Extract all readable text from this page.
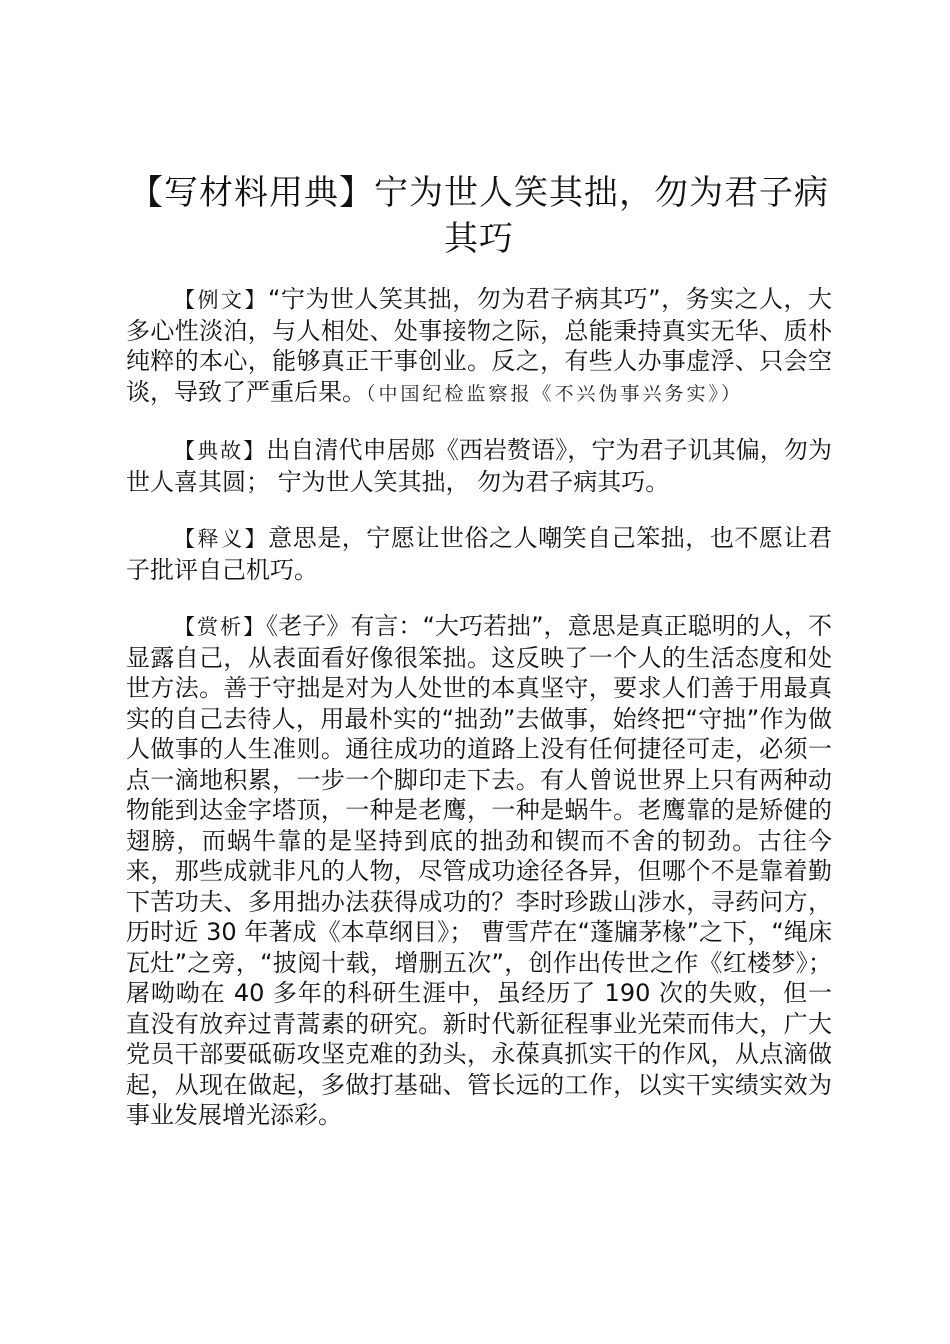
【写材料用典】宁为世人笑其拙，勿为君子病其巧

【例文】“宁为世人笑其拙，勿为君子病其巧”，务实之人，大多心性淡泊，与人相处、处事接物之际，总能秉持真实无华、质朴纯粹的本心，能够真正干事创业。反之，有些人办事虚浮、只会空谈，导致了严重后果。（中国纪检监察报《不兴伪事兴务实》）

【典故】出自清代申居郧《西岩赘语》，宁为君子讥其偏，勿为世人喜其圆； 宁为世人笑其拙， 勿为君子病其巧。

【释义】意思是，宁愿让世俗之人嘲笑自己笨拙，也不愿让君子批评自己机巧。

【赏析】《老子》有言：“大巧若拙”，意思是真正聪明的人，不显露自己，从表面看好像很笨拙。这反映了一个人的生活态度和处世方法。善于守拙是对为人处世的本真坚守，要求人们善于用最真实的自己去待人，用最朴实的“拙劲”去做事，始终把“守拙”作为做人做事的人生准则。通往成功的道路上没有任何捷径可走，必须一点一滴地积累，一步一个脚印走下去。有人曾说世界上只有两种动物能到达金字塔顶，一种是老鹰，一种是蜗牛。老鹰靠的是矫健的翅膀，而蜗牛靠的是坚持到底的拙劲和锲而不舍的韧劲。古往今来，那些成就非凡的人物，尽管成功途径各异，但哪个不是靠着勤下苦功夫、多用拙办法获得成功的？李时珍跋山涉水，寻药问方，历时近 30 年著成《本草纲目》； 曹雪芹在“蓬牖茅椽”之下，“绳床瓦灶”之旁，“披阅十载，增删五次”，创作出传世之作《红楼梦》； 屠呦呦在 40 多年的科研生涯中，虽经历了 190 次的失败，但一直没有放弃过青蒿素的研究。新时代新征程事业光荣而伟大，广大党员干部要砥砺攻坚克难的劲头，永葆真抓实干的作风，从点滴做起，从现在做起，多做打基础、管长远的工作，以实干实绩实效为事业发展增光添彩。
